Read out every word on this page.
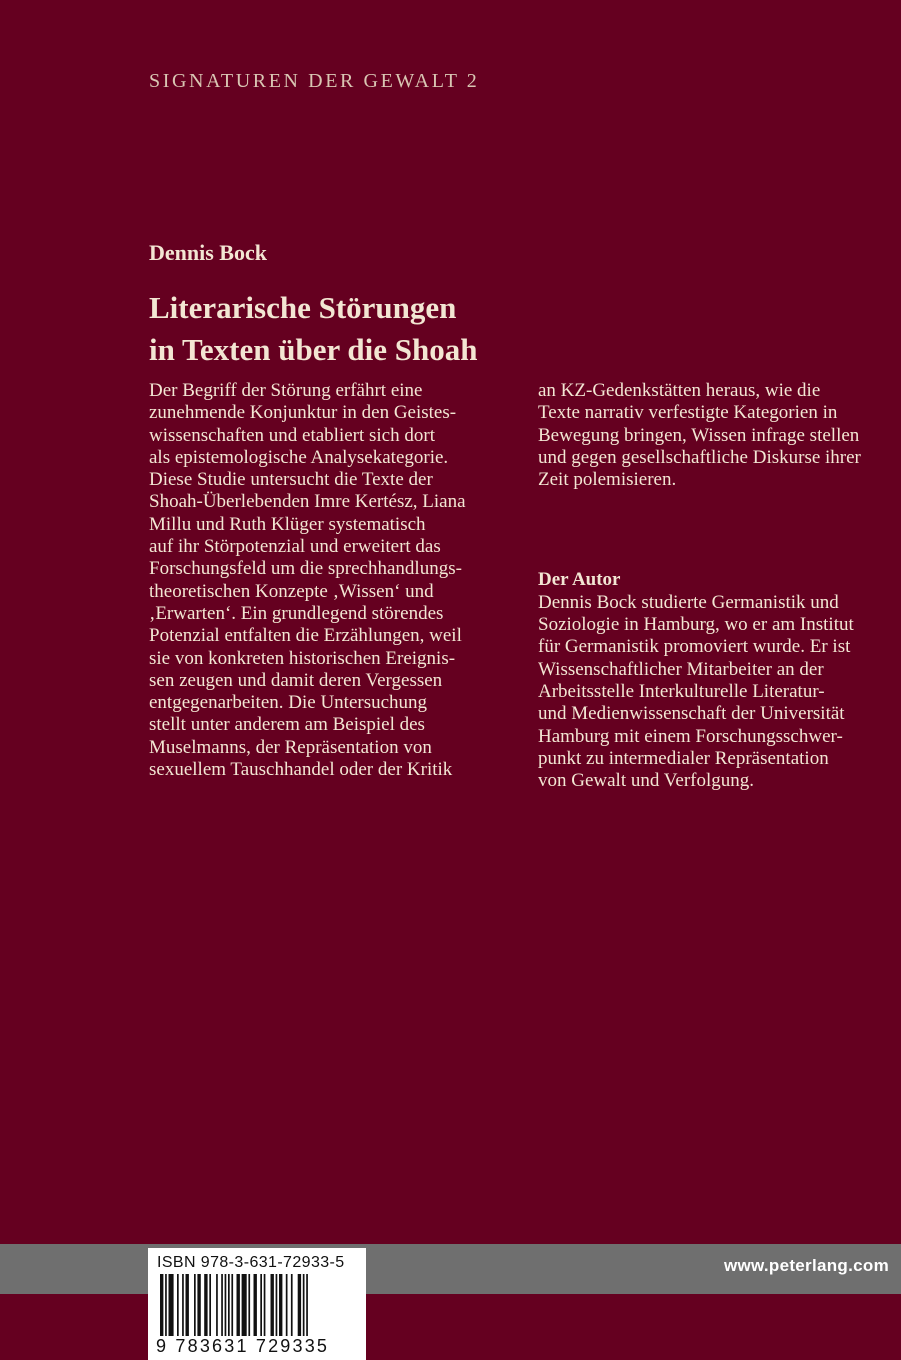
SIGNATUREN DER GEWALT 2
Dennis Bock
Literarische Störungen
in Texten über die Shoah
Der Begriff der Störung erfährt eine
zunehmende Konjunktur in den Geistes-
wissenschaften und etabliert sich dort
als epistemologische Analysekategorie.
Diese Studie untersucht die Texte der
Shoah-Überlebenden Imre Kertész, Liana
Millu und Ruth Klüger systematisch
auf ihr Störpotenzial und erweitert das
Forschungsfeld um die sprechhandlungs-
theoretischen Konzepte ‚Wissen‘ und
‚Erwarten‘. Ein grundlegend störendes
Potenzial entfalten die Erzählungen, weil
sie von konkreten historischen Ereignis-
sen zeugen und damit deren Vergessen
entgegenarbeiten. Die Untersuchung
stellt unter anderem am Beispiel des
Muselmanns, der Repräsentation von
sexuellem Tauschhandel oder der Kritik
an KZ-Gedenkstätten heraus, wie die
Texte narrativ verfestigte Kategorien in
Bewegung bringen, Wissen infrage stellen
und gegen gesellschaftliche Diskurse ihrer
Zeit polemisieren.
Der Autor
Dennis Bock studierte Germanistik und
Soziologie in Hamburg, wo er am Institut
für Germanistik promoviert wurde. Er ist
Wissenschaftlicher Mitarbeiter an der
Arbeitsstelle Interkulturelle Literatur-
und Medienwissenschaft der Universität
Hamburg mit einem Forschungsschwer-
punkt zu intermedialer Repräsentation
von Gewalt und Verfolgung.
www.peterlang.com
ISBN 978-3-631-72933-5
9 783631 729335
